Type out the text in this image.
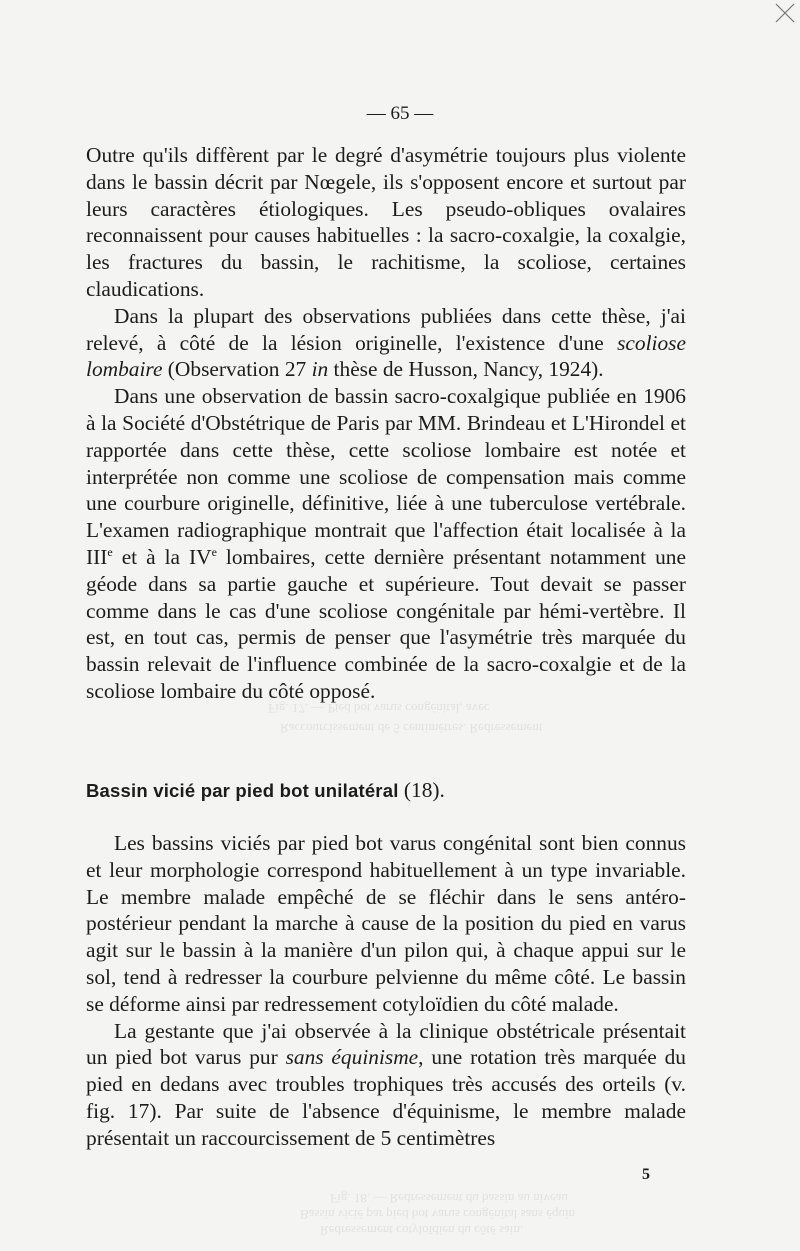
Fig. 17. — Pied bot varus congénital, avec
Raccourcissement de 5 centimètres. Redressement
Fig. 18. — Redressement du bassin au niveau
Bassin vicié par pied bot varus congénital sans équin
Redressement cotyloïdien du côté sain.
— 65 —

Outre qu'ils diffèrent par le degré d'asymétrie toujours plus violente dans le bassin décrit par Nœgele, ils s'opposent encore et surtout par leurs caractères étiologiques. Les pseudo-obliques ovalaires reconnaissent pour causes habituelles : la sacro-coxalgie, la coxalgie, les fractures du bassin, le rachitisme, la scoliose, certaines claudications.

Dans la plupart des observations publiées dans cette thèse, j'ai relevé, à côté de la lésion originelle, l'existence d'une scoliose lombaire (Observation 27 in thèse de Husson, Nancy, 1924).

Dans une observation de bassin sacro-coxalgique publiée en 1906 à la Société d'Obstétrique de Paris par MM. Brindeau et L'Hirondel et rapportée dans cette thèse, cette scoliose lombaire est notée et interprétée non comme une scoliose de compensation mais comme une courbure originelle, définitive, liée à une tuberculose vertébrale. L'examen radiographique montrait que l'affection était localisée à la IIIe et à la IVe lombaires, cette dernière présentant notamment une géode dans sa partie gauche et supérieure. Tout devait se passer comme dans le cas d'une scoliose congénitale par hémi-vertèbre. Il est, en tout cas, permis de penser que l'asymétrie très marquée du bassin relevait de l'influence combinée de la sacro-coxalgie et de la scoliose lombaire du côté opposé.

Bassin vicié par pied bot unilatéral (18).

Les bassins viciés par pied bot varus congénital sont bien connus et leur morphologie correspond habituellement à un type invariable. Le membre malade empêché de se fléchir dans le sens antéro-postérieur pendant la marche à cause de la position du pied en varus agit sur le bassin à la manière d'un pilon qui, à chaque appui sur le sol, tend à redresser la courbure pelvienne du même côté. Le bassin se déforme ainsi par redressement cotyloïdien du côté malade.

La gestante que j'ai observée à la clinique obstétricale présentait un pied bot varus pur sans équinisme, une rotation très marquée du pied en dedans avec troubles trophiques très accusés des orteils (v. fig. 17). Par suite de l'absence d'équinisme, le membre malade présentait un raccourcissement de 5 centimètres

5
